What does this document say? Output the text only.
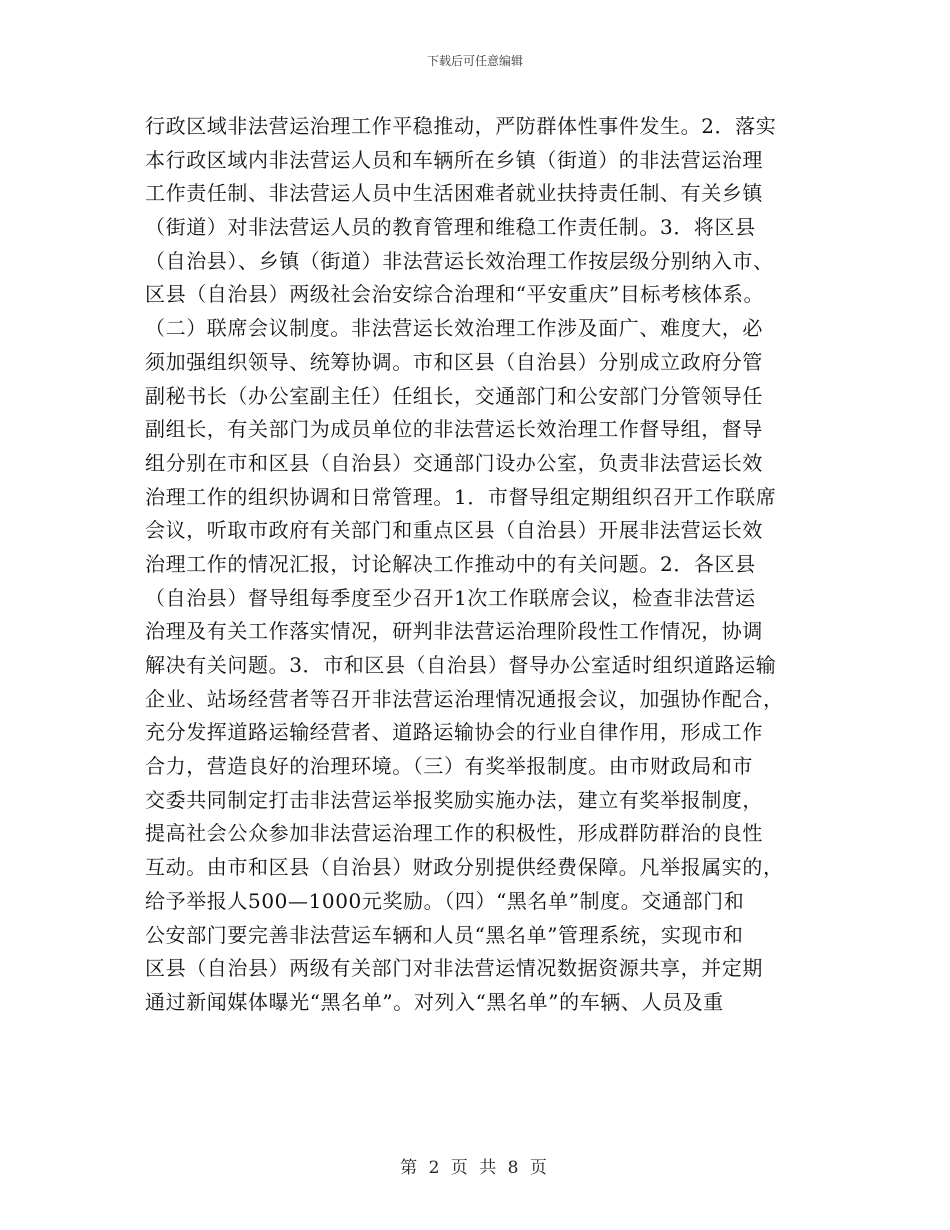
下载后可任意编辑
行政区域非法营运治理工作平稳推动，严防群体性事件发生。2．落实
本行政区域内非法营运人员和车辆所在乡镇（街道）的非法营运治理
工作责任制、非法营运人员中生活困难者就业扶持责任制、有关乡镇
（街道）对非法营运人员的教育管理和维稳工作责任制。3．将区县
（自治县）、乡镇（街道）非法营运长效治理工作按层级分别纳入市、
区县（自治县）两级社会治安综合治理和“平安重庆”目标考核体系。
（二）联席会议制度。非法营运长效治理工作涉及面广、难度大，必
须加强组织领导、统筹协调。市和区县（自治县）分别成立政府分管
副秘书长（办公室副主任）任组长，交通部门和公安部门分管领导任
副组长，有关部门为成员单位的非法营运长效治理工作督导组，督导
组分别在市和区县（自治县）交通部门设办公室，负责非法营运长效
治理工作的组织协调和日常管理。1．市督导组定期组织召开工作联席
会议，听取市政府有关部门和重点区县（自治县）开展非法营运长效
治理工作的情况汇报，讨论解决工作推动中的有关问题。2．各区县
（自治县）督导组每季度至少召开1次工作联席会议，检查非法营运
治理及有关工作落实情况，研判非法营运治理阶段性工作情况，协调
解决有关问题。3．市和区县（自治县）督导办公室适时组织道路运输
企业、站场经营者等召开非法营运治理情况通报会议，加强协作配合，
充分发挥道路运输经营者、道路运输协会的行业自律作用，形成工作
合力，营造良好的治理环境。（三）有奖举报制度。由市财政局和市
交委共同制定打击非法营运举报奖励实施办法，建立有奖举报制度，
提高社会公众参加非法营运治理工作的积极性，形成群防群治的良性
互动。由市和区县（自治县）财政分别提供经费保障。凡举报属实的，
给予举报人500—1000元奖励。（四）“黑名单”制度。交通部门和
公安部门要完善非法营运车辆和人员“黑名单”管理系统，实现市和
区县（自治县）两级有关部门对非法营运情况数据资源共享，并定期
通过新闻媒体曝光“黑名单”。对列入“黑名单”的车辆、人员及重
第 2 页 共 8 页
